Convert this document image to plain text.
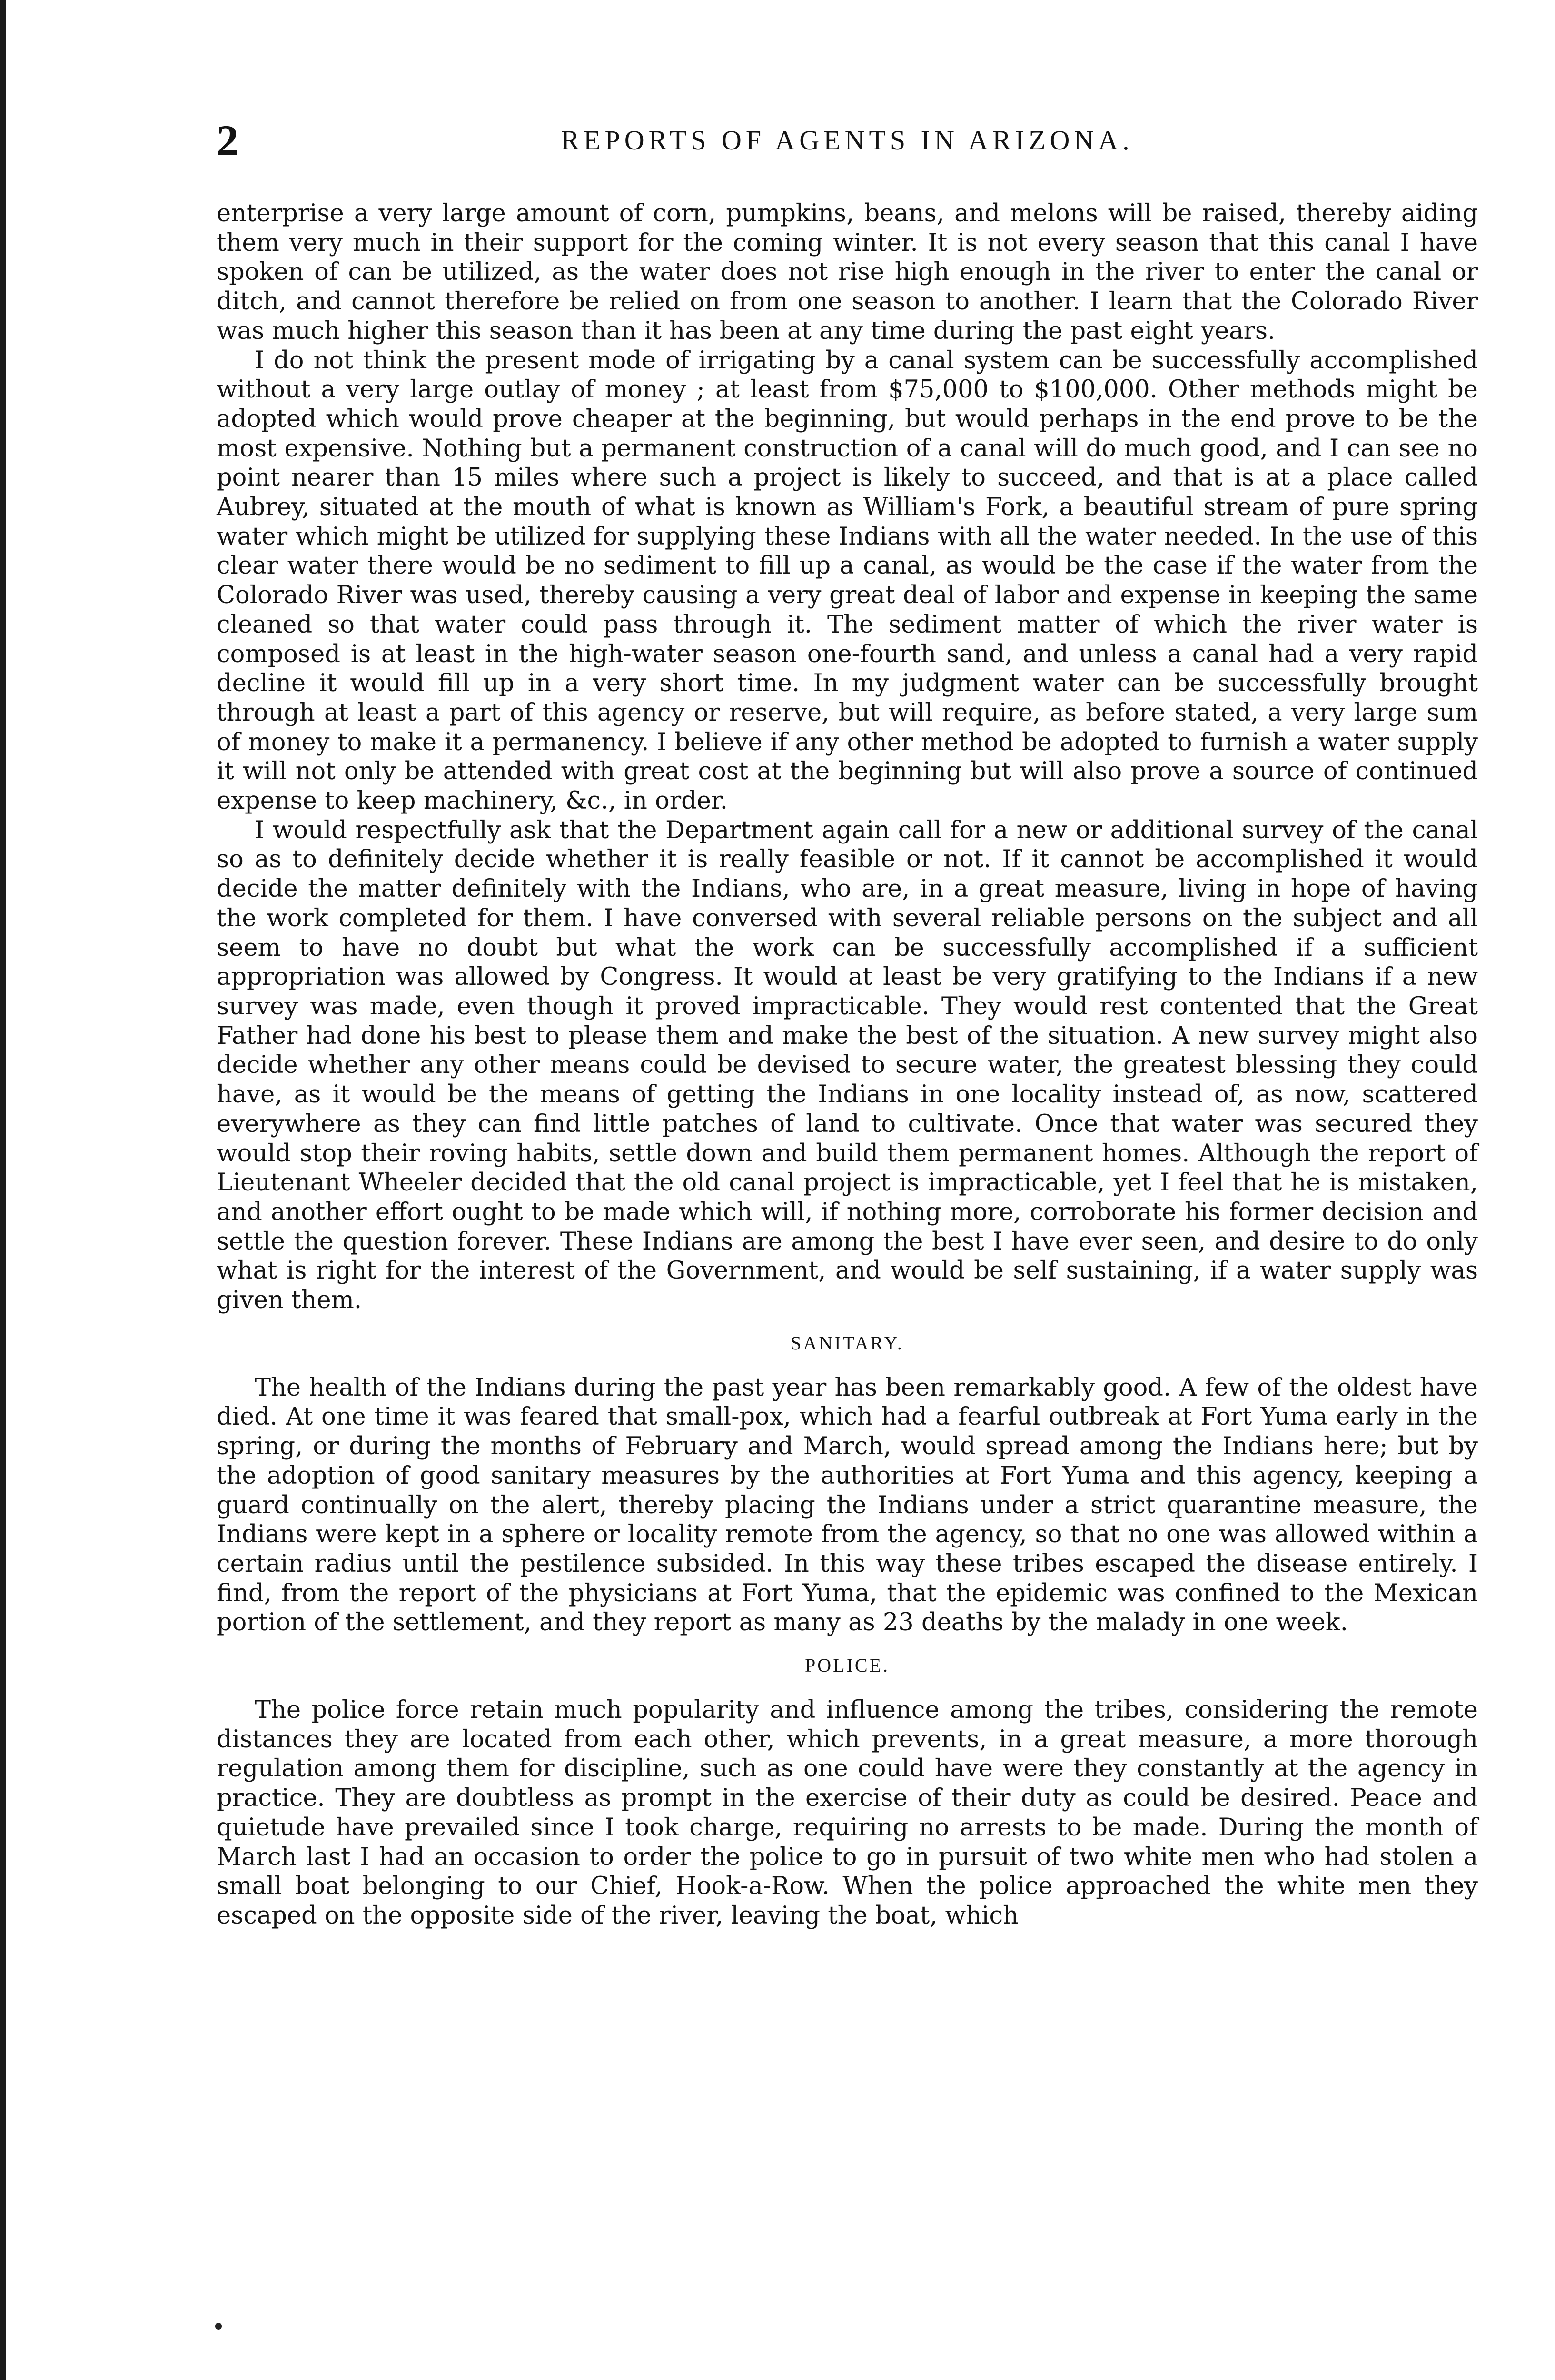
2	REPORTS OF AGENTS IN ARIZONA.

enterprise a very large amount of corn, pumpkins, beans, and melons will be raised, thereby aiding them very much in their support for the coming winter. It is not every season that this canal I have spoken of can be utilized, as the water does not rise high enough in the river to enter the canal or ditch, and cannot therefore be relied on from one season to another. I learn that the Colorado River was much higher this season than it has been at any time during the past eight years.

I do not think the present mode of irrigating by a canal system can be successfully accomplished without a very large outlay of money ; at least from $75,000 to $100,000. Other methods might be adopted which would prove cheaper at the beginning, but would perhaps in the end prove to be the most expensive. Nothing but a permanent construction of a canal will do much good, and I can see no point nearer than 15 miles where such a project is likely to succeed, and that is at a place called Aubrey, situated at the mouth of what is known as William's Fork, a beautiful stream of pure spring water which might be utilized for supplying these Indians with all the water needed. In the use of this clear water there would be no sediment to fill up a canal, as would be the case if the water from the Colorado River was used, thereby causing a very great deal of labor and expense in keeping the same cleaned so that water could pass through it. The sediment matter of which the river water is composed is at least in the high-water season one-fourth sand, and unless a canal had a very rapid decline it would fill up in a very short time. In my judgment water can be successfully brought through at least a part of this agency or reserve, but will require, as before stated, a very large sum of money to make it a permanency. I believe if any other method be adopted to furnish a water supply it will not only be attended with great cost at the beginning but will also prove a source of continued expense to keep machinery, &c., in order.

I would respectfully ask that the Department again call for a new or additional survey of the canal so as to definitely decide whether it is really feasible or not. If it cannot be accomplished it would decide the matter definitely with the Indians, who are, in a great measure, living in hope of having the work completed for them. I have conversed with several reliable persons on the subject and all seem to have no doubt but what the work can be successfully accomplished if a sufficient appropriation was allowed by Congress. It would at least be very gratifying to the Indians if a new survey was made, even though it proved impracticable. They would rest contented that the Great Father had done his best to please them and make the best of the situation. A new survey might also decide whether any other means could be devised to secure water, the greatest blessing they could have, as it would be the means of getting the Indians in one locality instead of, as now, scattered everywhere as they can find little patches of land to cultivate. Once that water was secured they would stop their roving habits, settle down and build them permanent homes. Although the report of Lieutenant Wheeler decided that the old canal project is impracticable, yet I feel that he is mistaken, and another effort ought to be made which will, if nothing more, corroborate his former decision and settle the question forever. These Indians are among the best I have ever seen, and desire to do only what is right for the interest of the Government, and would be self sustaining, if a water supply was given them.

SANITARY.

The health of the Indians during the past year has been remarkably good. A few of the oldest have died. At one time it was feared that small-pox, which had a fearful outbreak at Fort Yuma early in the spring, or during the months of February and March, would spread among the Indians here; but by the adoption of good sanitary measures by the authorities at Fort Yuma and this agency, keeping a guard continually on the alert, thereby placing the Indians under a strict quarantine measure, the Indians were kept in a sphere or locality remote from the agency, so that no one was allowed within a certain radius until the pestilence subsided. In this way these tribes escaped the disease entirely. I find, from the report of the physicians at Fort Yuma, that the epidemic was confined to the Mexican portion of the settlement, and they report as many as 23 deaths by the malady in one week.

POLICE.

The police force retain much popularity and influence among the tribes, considering the remote distances they are located from each other, which prevents, in a great measure, a more thorough regulation among them for discipline, such as one could have were they constantly at the agency in practice. They are doubtless as prompt in the exercise of their duty as could be desired. Peace and quietude have prevailed since I took charge, requiring no arrests to be made. During the month of March last I had an occasion to order the police to go in pursuit of two white men who had stolen a small boat belonging to our Chief, Hook-a-Row. When the police approached the white men they escaped on the opposite side of the river, leaving the boat, which
